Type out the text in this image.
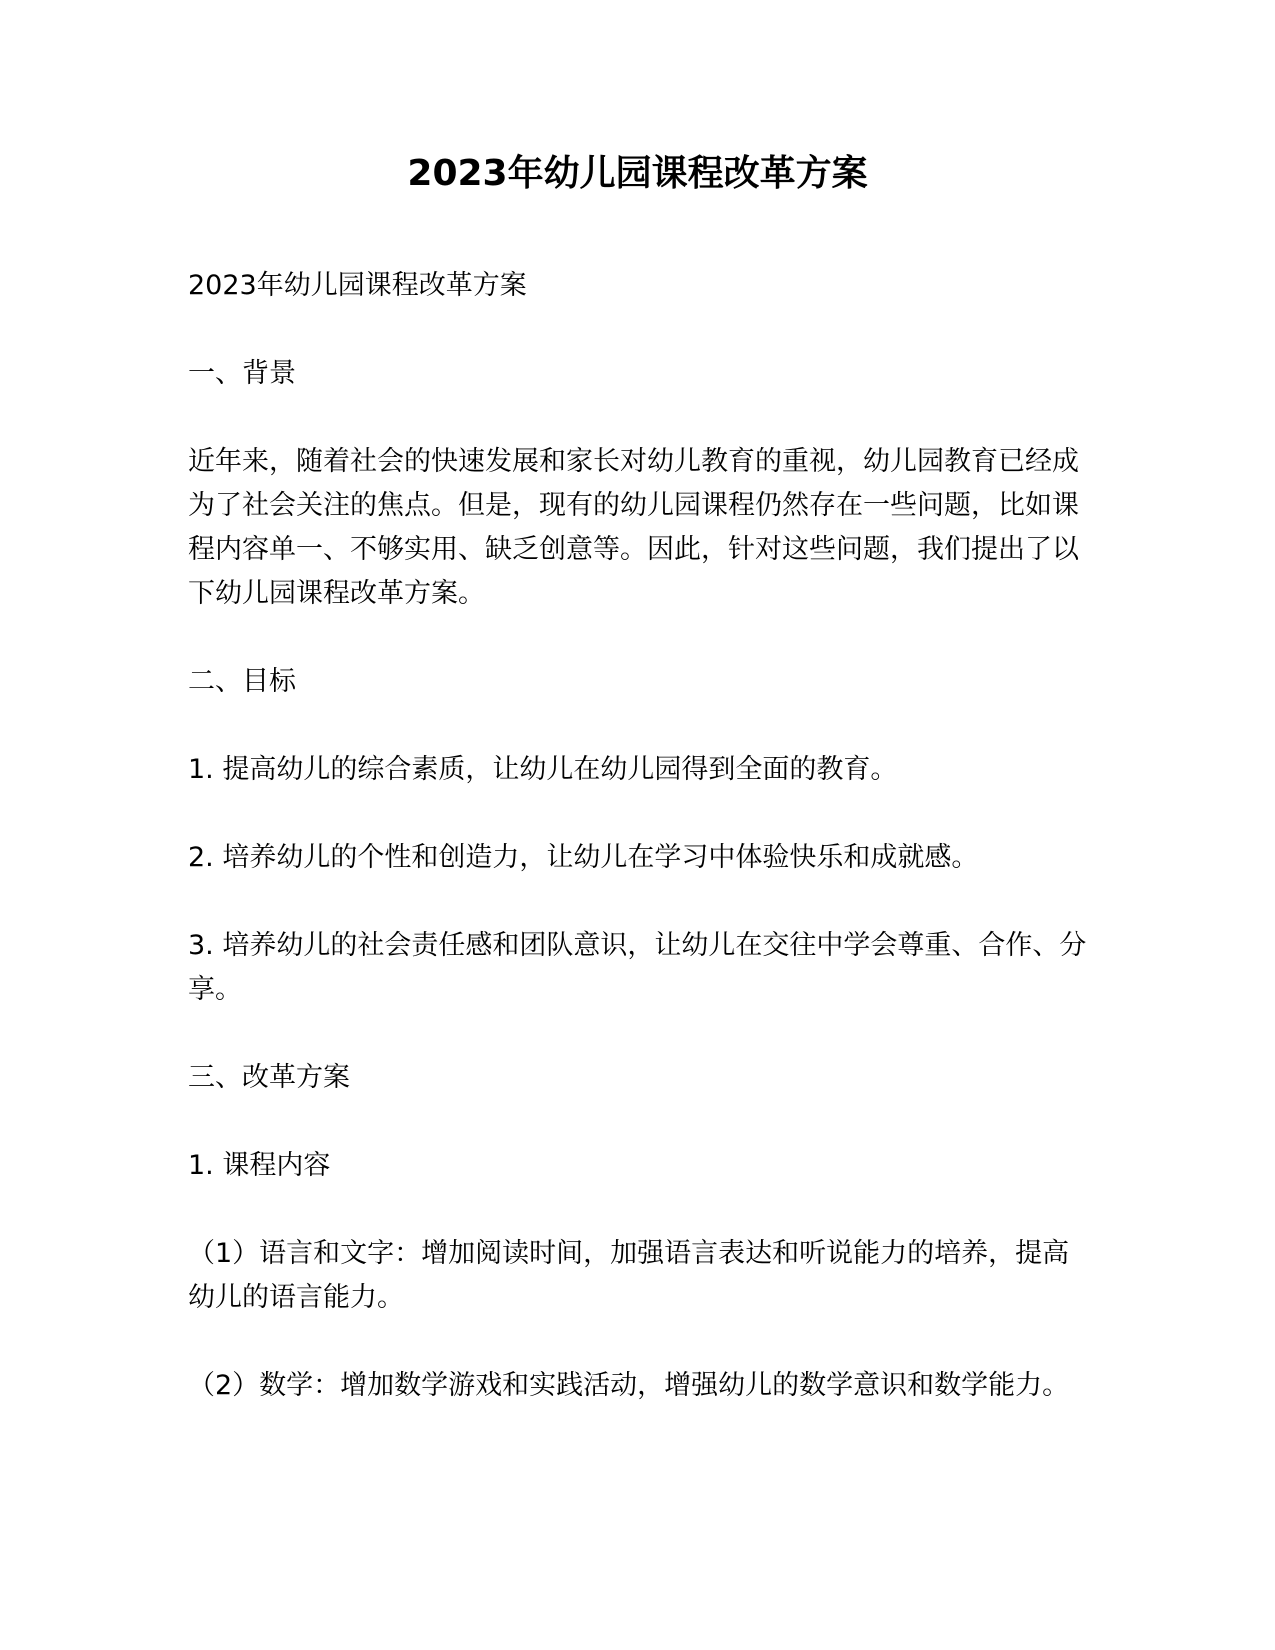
2023年幼儿园课程改革方案

2023年幼儿园课程改革方案

一、背景

近年来，随着社会的快速发展和家长对幼儿教育的重视，幼儿园教育已经成为了社会关注的焦点。但是，现有的幼儿园课程仍然存在一些问题，比如课程内容单一、不够实用、缺乏创意等。因此，针对这些问题，我们提出了以下幼儿园课程改革方案。

二、目标

1. 提高幼儿的综合素质，让幼儿在幼儿园得到全面的教育。

2. 培养幼儿的个性和创造力，让幼儿在学习中体验快乐和成就感。

3. 培养幼儿的社会责任感和团队意识，让幼儿在交往中学会尊重、合作、分享。

三、改革方案

1. 课程内容

（1）语言和文字：增加阅读时间，加强语言表达和听说能力的培养，提高幼儿的语言能力。

（2）数学：增加数学游戏和实践活动，增强幼儿的数学意识和数学能力。
